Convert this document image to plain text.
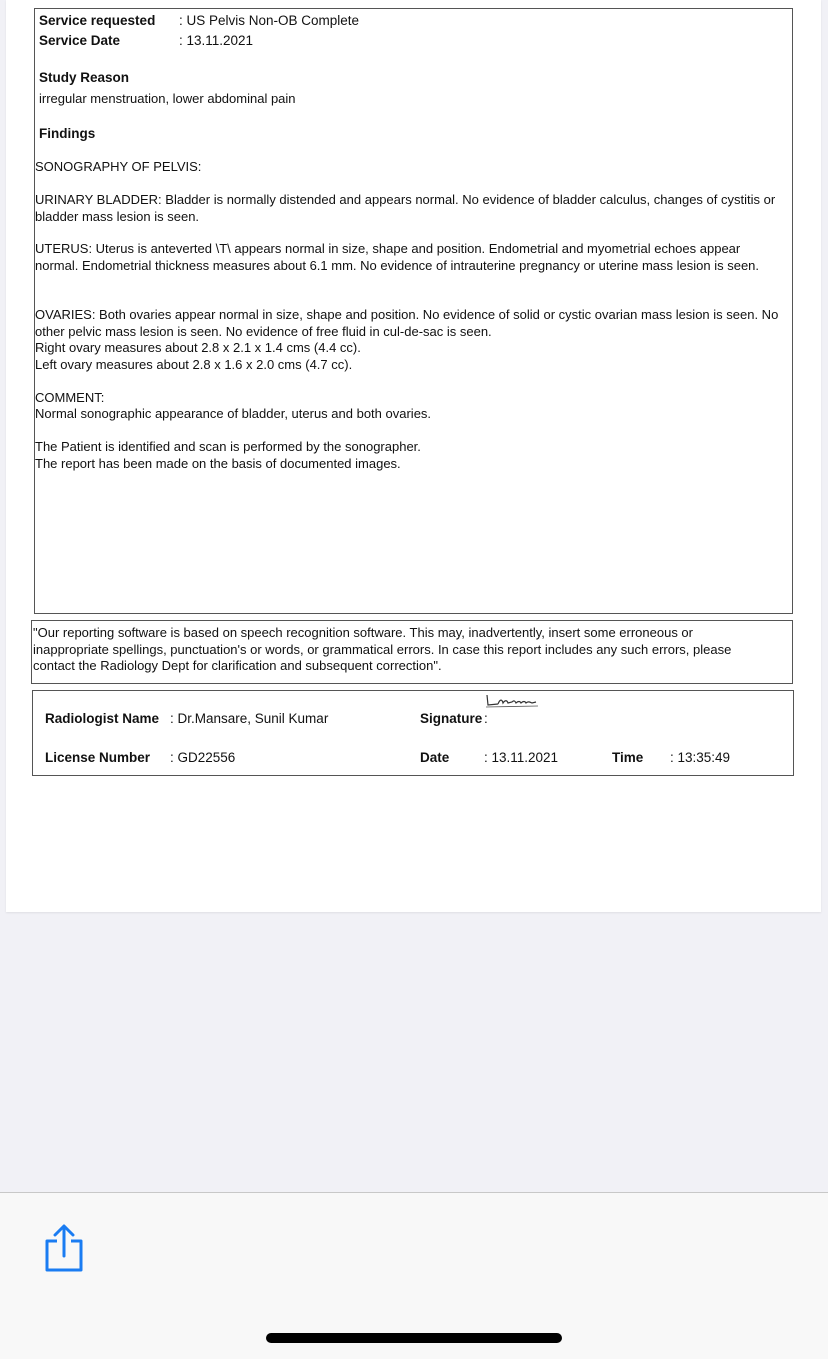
Service requested : US Pelvis Non-OB Complete
Service Date	: 13.11.2021
Study Reason
irregular menstruation, lower abdominal pain
Findings
SONOGRAPHY OF PELVIS:
URINARY BLADDER: Bladder is normally distended and appears normal. No evidence of bladder calculus, changes of cystitis or bladder mass lesion is seen.
UTERUS: Uterus is anteverted \T\ appears normal in size, shape and position. Endometrial and myometrial echoes appear normal. Endometrial thickness measures about 6.1 mm. No evidence of intrauterine pregnancy or uterine mass lesion is seen.
OVARIES: Both ovaries appear normal in size, shape and position. No evidence of solid or cystic ovarian mass lesion is seen. No other pelvic mass lesion is seen. No evidence of free fluid in cul-de-sac is seen.
Right ovary measures about 2.8 x 2.1 x 1.4 cms (4.4 cc).
Left ovary measures about 2.8 x 1.6 x 2.0 cms (4.7 cc).
COMMENT:
Normal sonographic appearance of bladder, uterus and both ovaries.
The Patient is identified and scan is performed by the sonographer.
The report has been made on the basis of documented images.
"Our reporting software is based on speech recognition software. This may, inadvertently, insert some erroneous or
inappropriate spellings, punctuation's or words, or grammatical errors. In case this report includes any such errors, please
contact the Radiology Dept for clarification and subsequent correction".
Radiologist Name : Dr.Mansare, Sunil Kumar	Signature :
License Number : GD22556	Date	: 13.11.2021	Time : 13:35:49
